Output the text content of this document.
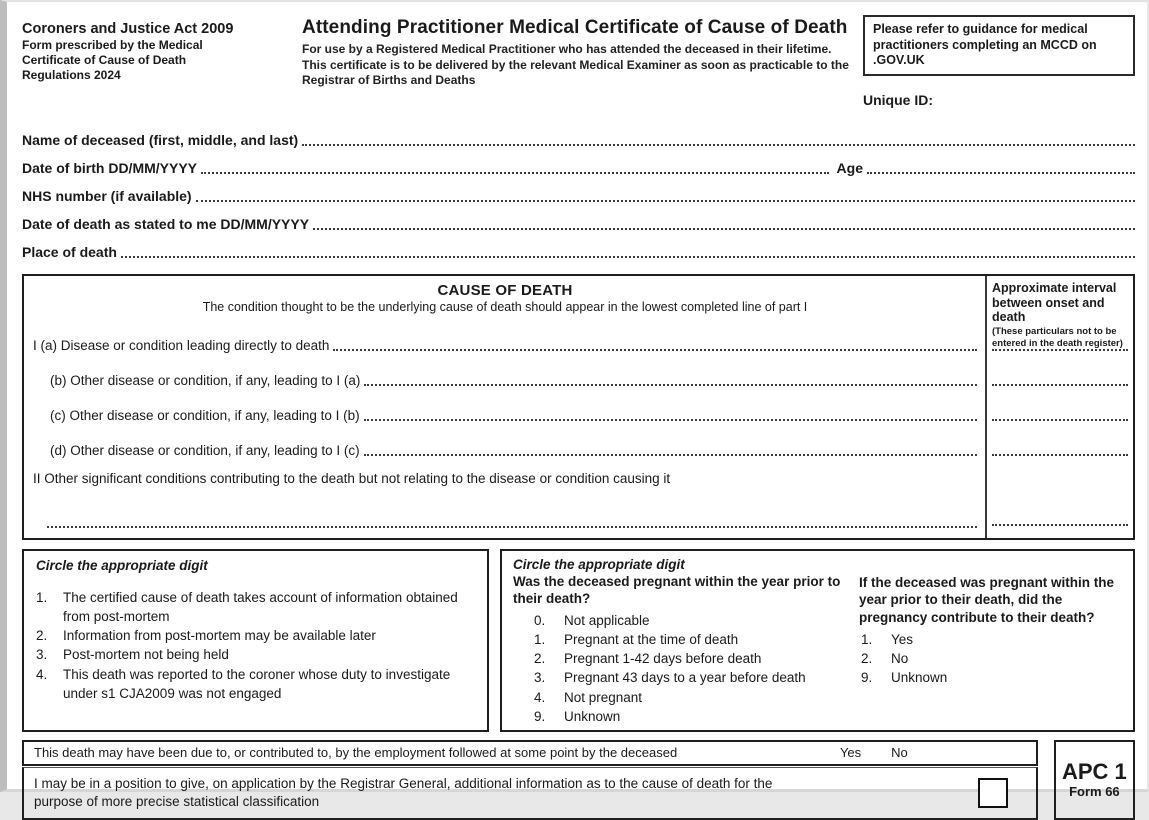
Coroners and Justice Act 2009
Form prescribed by the Medical
Certificate of Cause of Death
Regulations 2024
Attending Practitioner Medical Certificate of Cause of Death
For use by a Registered Medical Practitioner who has attended the deceased in their lifetime. This certificate is to be delivered by the relevant Medical Examiner as soon as practicable to the Registrar of Births and Deaths
Please refer to guidance for medical practitioners completing an MCCD on .GOV.UK
Unique ID:
Name of deceased (first, middle, and last)
Date of birth DD/MM/YYYY	Age
NHS number (if available)
Date of death as stated to me DD/MM/YYYY
Place of death
CAUSE OF DEATH
The condition thought to be the underlying cause of death should appear in the lowest completed line of part I
I (a) Disease or condition leading directly to death
(b) Other disease or condition, if any, leading to I (a)
(c) Other disease or condition, if any, leading to I (b)
(d) Other disease or condition, if any, leading to I (c)
II Other significant conditions contributing to the death but not relating to the disease or condition causing it
Approximate interval between onset and death
(These particulars not to be entered in the death register)
Circle the appropriate digit
1.	The certified cause of death takes account of information obtained from post-mortem
2.	Information from post-mortem may be available later
3.	Post-mortem not being held
4.	This death was reported to the coroner whose duty to investigate under s1 CJA2009 was not engaged
Circle the appropriate digit
Was the deceased pregnant within the year prior to their death?
0.	Not applicable
1.	Pregnant at the time of death
2.	Pregnant 1-42 days before death
3.	Pregnant 43 days to a year before death
4.	Not pregnant
9.	Unknown
If the deceased was pregnant within the year prior to their death, did the pregnancy contribute to their death?
1.	Yes
2.	No
9.	Unknown
This death may have been due to, or contributed to, by the employment followed at some point by the deceased	Yes No
I may be in a position to give, on application by the Registrar General, additional information as to the cause of death for the purpose of more precise statistical classification
APC 1
Form 66
